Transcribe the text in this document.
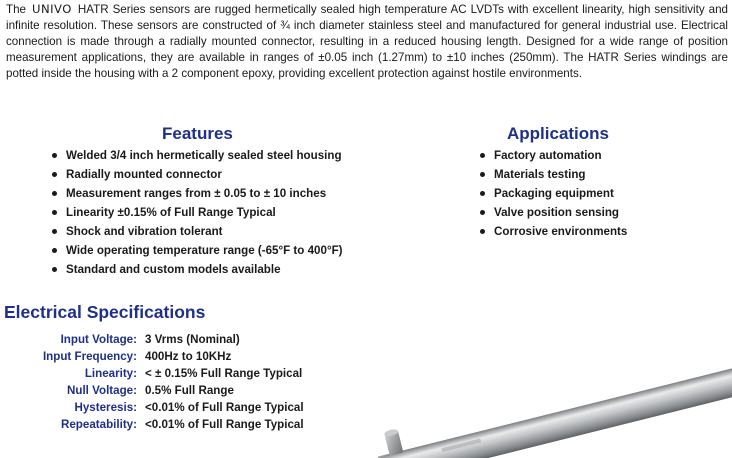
The UNIVO HATR Series sensors are rugged hermetically sealed high temperature AC LVDTs with excellent linearity, high sensitivity and infinite resolution. These sensors are constructed of ¾ inch diameter stainless steel and manufactured for general industrial use. Electrical connection is made through a radially mounted connector, resulting in a reduced housing length. Designed for a wide range of position measurement applications, they are available in ranges of ±0.05 inch (1.27mm) to ±10 inches (250mm). The HATR Series windings are potted inside the housing with a 2 component epoxy, providing excellent protection against hostile environments.

Features
Welded 3/4 inch hermetically sealed steel housing
Radially mounted connector
Measurement ranges from ± 0.05 to ± 10 inches
Linearity ±0.15% of Full Range Typical
Shock and vibration tolerant
Wide operating temperature range (-65°F to 400°F)
Standard and custom models available
Applications
Factory automation
Materials testing
Packaging equipment
Valve position sensing
Corrosive environments
Electrical Specifications
Input Voltage: 3 Vrms (Nominal)
Input Frequency: 400Hz to 10KHz
Linearity: < ± 0.15% Full Range Typical
Null Voltage: 0.5% Full Range
Hysteresis: <0.01% of Full Range Typical
Repeatability: <0.01% of Full Range Typical
